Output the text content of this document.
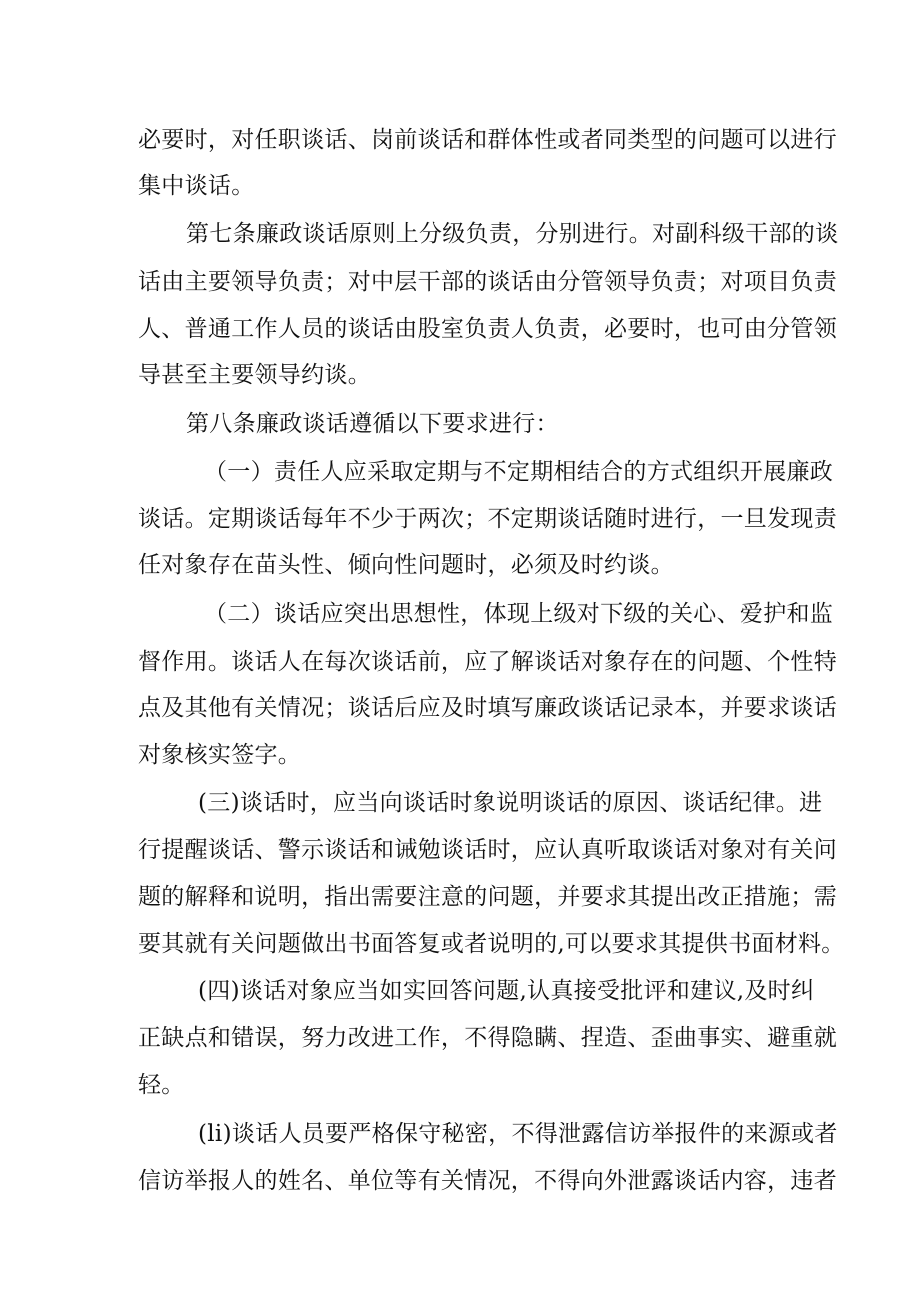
必要时，对任职谈话、岗前谈话和群体性或者同类型的问题可以进行
集中谈话。
第七条廉政谈话原则上分级负责，分别进行。对副科级干部的谈
话由主要领导负责；对中层干部的谈话由分管领导负责；对项目负责
人、普通工作人员的谈话由股室负责人负责，必要时，也可由分管领
导甚至主要领导约谈。
第八条廉政谈话遵循以下要求进行：
（一）责任人应采取定期与不定期相结合的方式组织开展廉政
谈话。定期谈话每年不少于两次；不定期谈话随时进行，一旦发现责
任对象存在苗头性、倾向性问题时，必须及时约谈。
（二）谈话应突出思想性，体现上级对下级的关心、爱护和监
督作用。谈话人在每次谈话前，应了解谈话对象存在的问题、个性特
点及其他有关情况；谈话后应及时填写廉政谈话记录本，并要求谈话
对象核实签字。
(三)谈话时，应当向谈话时象说明谈话的原因、谈话纪律。进
行提醒谈话、警示谈话和诫勉谈话时，应认真听取谈话对象对有关问
题的解释和说明，指出需要注意的问题，并要求其提出改正措施；需
要其就有关问题做出书面答复或者说明的,可以要求其提供书面材料。
(四)谈话对象应当如实回答问题,认真接受批评和建议,及时纠
正缺点和错误，努力改进工作，不得隐瞒、捏造、歪曲事实、避重就
轻。
(li)谈话人员要严格保守秘密，不得泄露信访举报件的来源或者
信访举报人的姓名、单位等有关情况，不得向外泄露谈话内容，违者
